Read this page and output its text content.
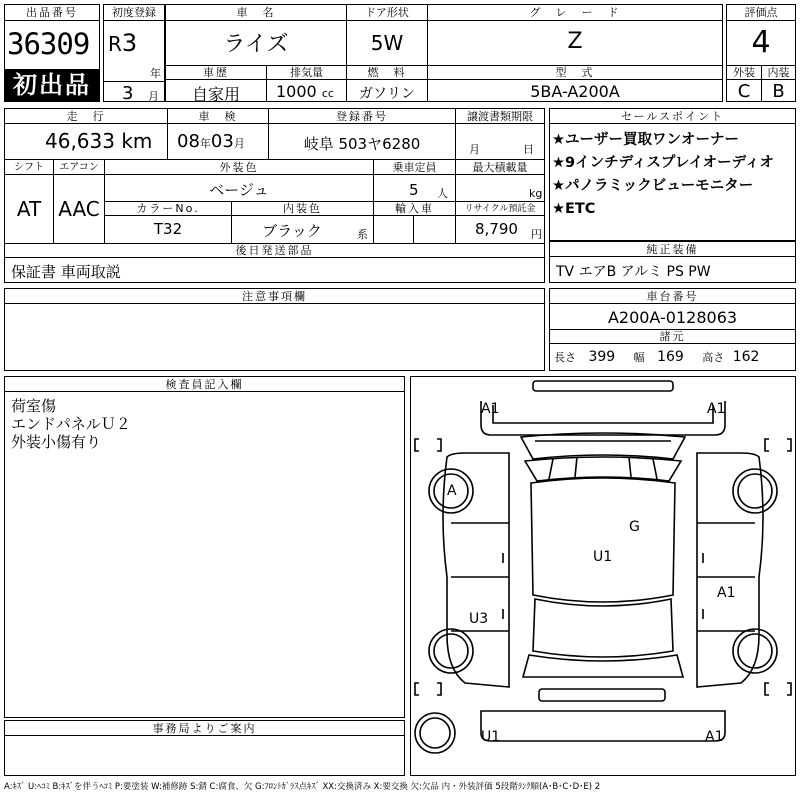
出品番号
36309
初出品
初度登録
R3
年
3 月
車　名	ドア形状	グ　レ　ー　ド
ライズ	5W	Z
車歴	排気量	燃　料	型　式
自家用	1000 cc	ガソリン	5BA-A200A
評価点
4
外装	内装
C	B
走　行	車　検	登録番号	譲渡書類期限
46,633 km 08年03月	岐阜 503ヤ6280	月	日
シフト	エアコン	外装色	乗車定員	最大積載量
AT AAC
ベージュ	5 人	kg
カラーNo.	内装色	輸入車	リサイクル預託金
T32	ブラック	系	8,790 円
後日発送部品
保証書 車両取説
セールスポイント
★ユーザー買取ワンオーナー
★9インチディスプレイオーディオ
★パノラミックビューモニター
★ETC
純正装備
TV エアB アルミ PS PW
注意事項欄	車台番号
A200A-0128063
諸元
長さ 399 幅 169 高さ 162
検査員記入欄
荷室傷
エンドパネルＵ２
外装小傷有り
事務局よりご案内
A1	A1
A
G
U1
A1
U3
U1	A1
A:ｷｽﾞ U:ﾍｺﾐ B:ｷｽﾞを伴うﾍｺﾐ P:要塗装 W:補修跡 S:錆 C:腐食、欠 G:ﾌﾛﾝﾄｶﾞﾗｽ点ｷｽﾞ XX:交換済み X:要交換 欠:欠品 内・外装評価 5段階ﾗﾝｸ順(A･B･C･D･E) 2
